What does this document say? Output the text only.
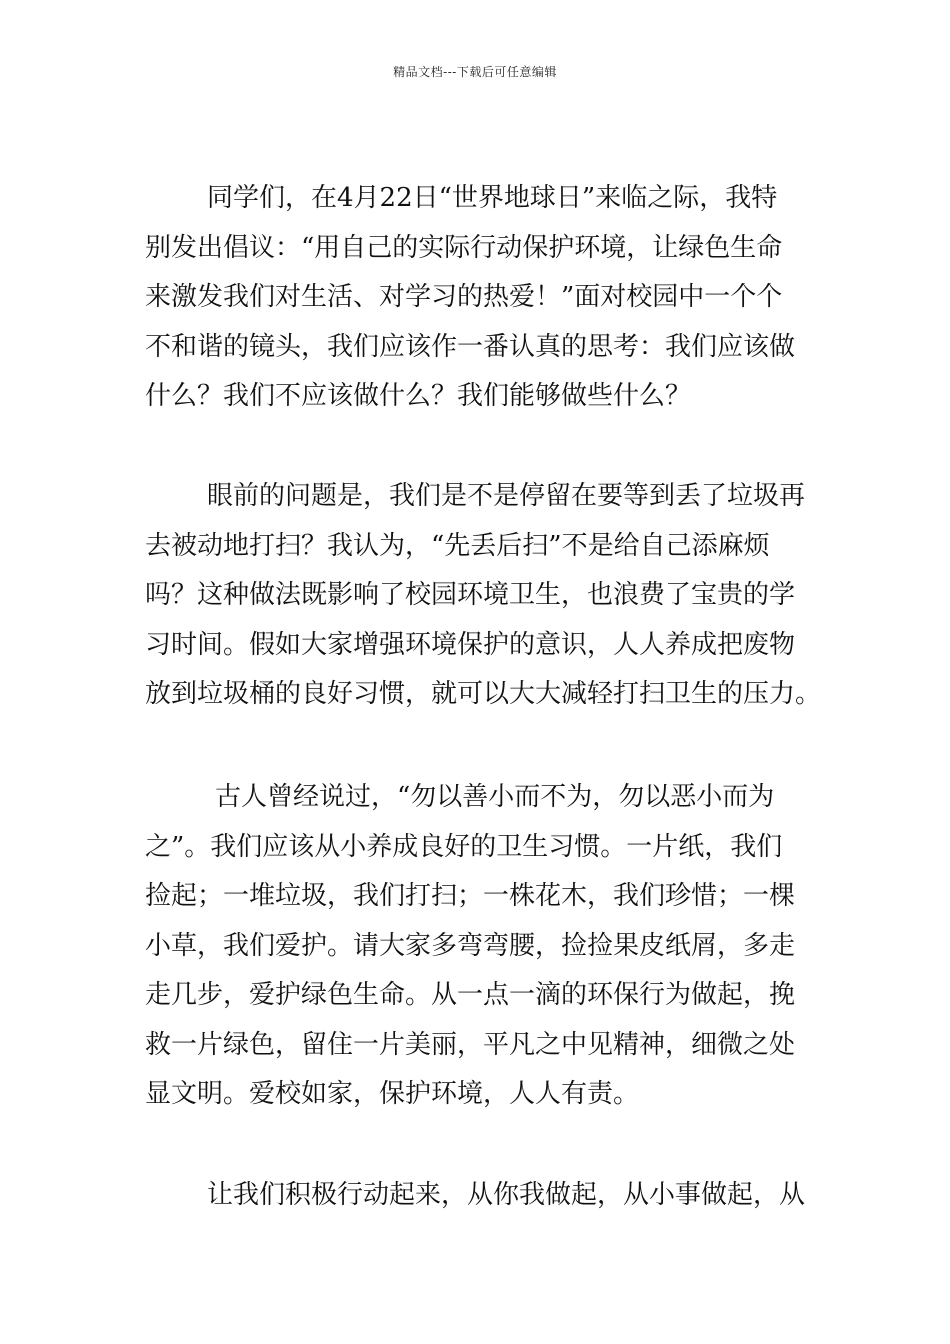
精品文档---下载后可任意编辑
同学们，在4月22日“世界地球日”来临之际，我特
别发出倡议：“用自己的实际行动保护环境，让绿色生命
来激发我们对生活、对学习的热爱！”面对校园中一个个
不和谐的镜头，我们应该作一番认真的思考：我们应该做
什么？我们不应该做什么？我们能够做些什么？
眼前的问题是，我们是不是停留在要等到丢了垃圾再
去被动地打扫？我认为，“先丢后扫”不是给自己添麻烦
吗？这种做法既影响了校园环境卫生，也浪费了宝贵的学
习时间。假如大家增强环境保护的意识，人人养成把废物
放到垃圾桶的良好习惯，就可以大大减轻打扫卫生的压力。
古人曾经说过，“勿以善小而不为，勿以恶小而为
之”。我们应该从小养成良好的卫生习惯。一片纸，我们
捡起；一堆垃圾，我们打扫；一株花木，我们珍惜；一棵
小草，我们爱护。请大家多弯弯腰，捡捡果皮纸屑，多走
走几步，爱护绿色生命。从一点一滴的环保行为做起，挽
救一片绿色，留住一片美丽，平凡之中见精神，细微之处
显文明。爱校如家，保护环境，人人有责。
让我们积极行动起来，从你我做起，从小事做起，从
